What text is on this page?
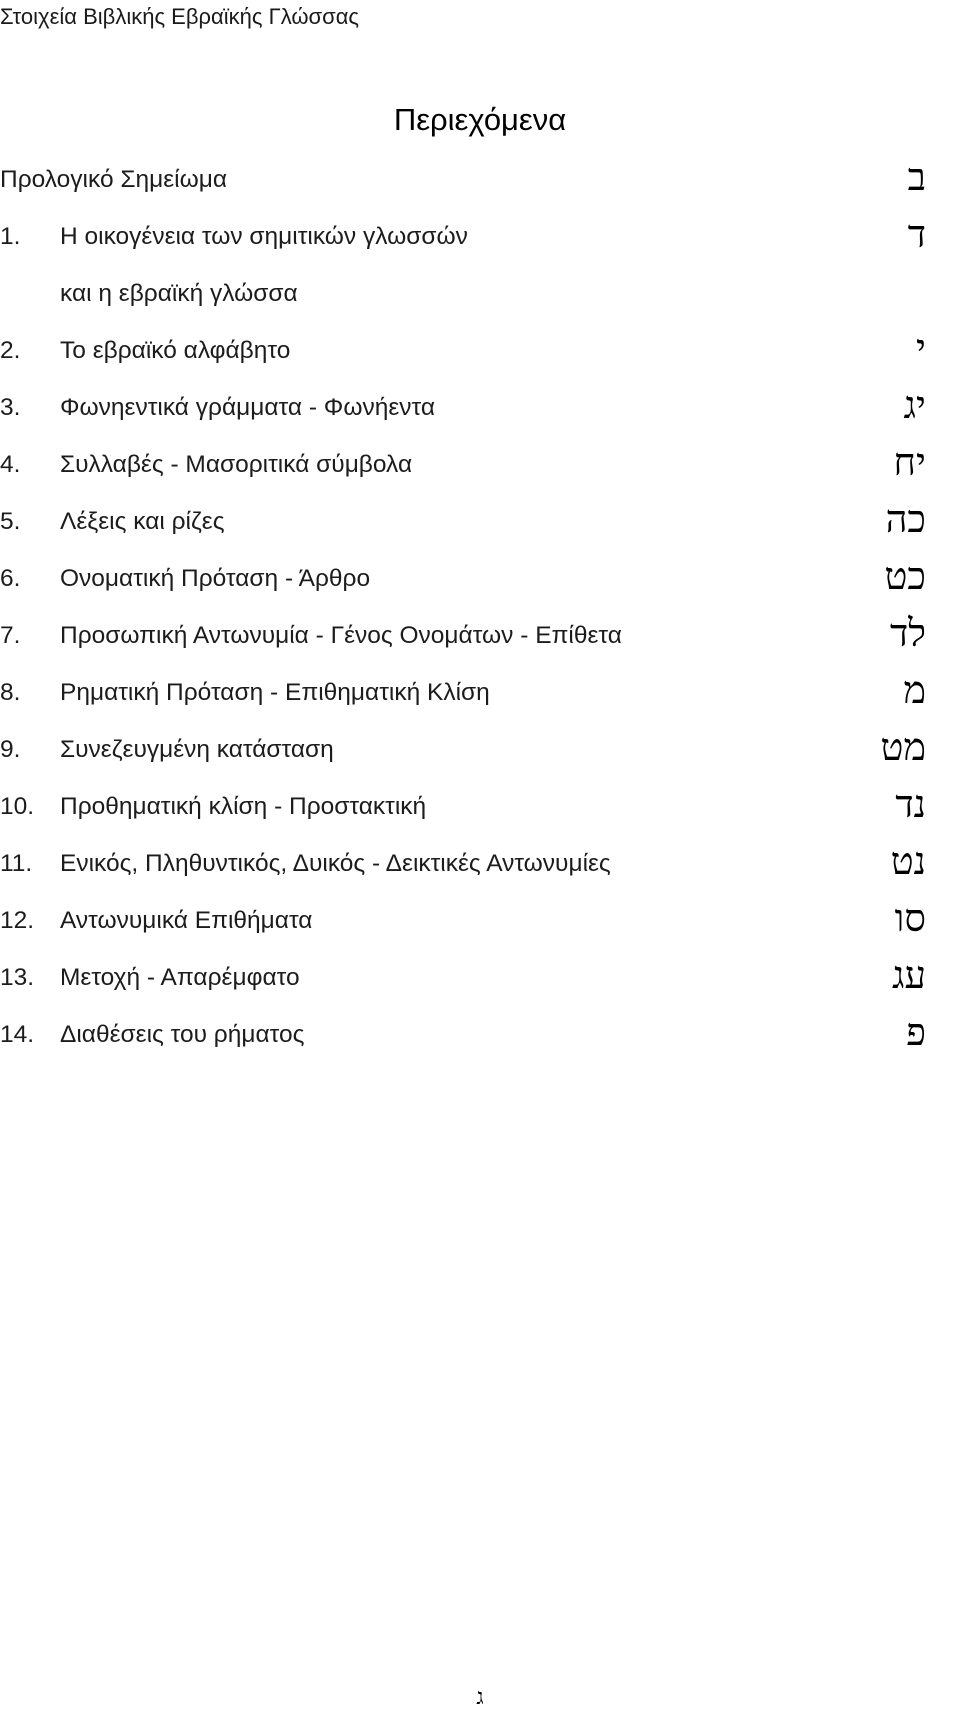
Στοιχεία Βιβλικής Εβραϊκής Γλώσσας
Περιεχόμενα
Προλογικό Σημείωμα	ב
1. Η οικογένεια των σημιτικών γλωσσών	ד
και η εβραϊκή γλώσσα
2. Το εβραϊκό αλφάβητο	י
3. Φωνηεντικά γράμματα - Φωνήεντα	יג
4. Συλλαβές - Μασοριτικά σύμβολα	יח
5. Λέξεις και ρίζες	כה
6. Ονοματική Πρόταση - Άρθρο	כט
7. Προσωπική Αντωνυμία - Γένος Ονομάτων - Επίθετα	לד
8. Ρηματική Πρόταση - Επιθηματική Κλίση	מ
9. Συνεζευγμένη κατάσταση	מט
10. Προθηματική κλίση - Προστακτική	נד
11. Ενικός, Πληθυντικός, Δυικός - Δεικτικές Αντωνυμίες	נט
12. Αντωνυμικά Επιθήματα	סו
13. Μετοχή - Απαρέμφατο	עג
14. Διαθέσεις του ρήματος	פ
ג
